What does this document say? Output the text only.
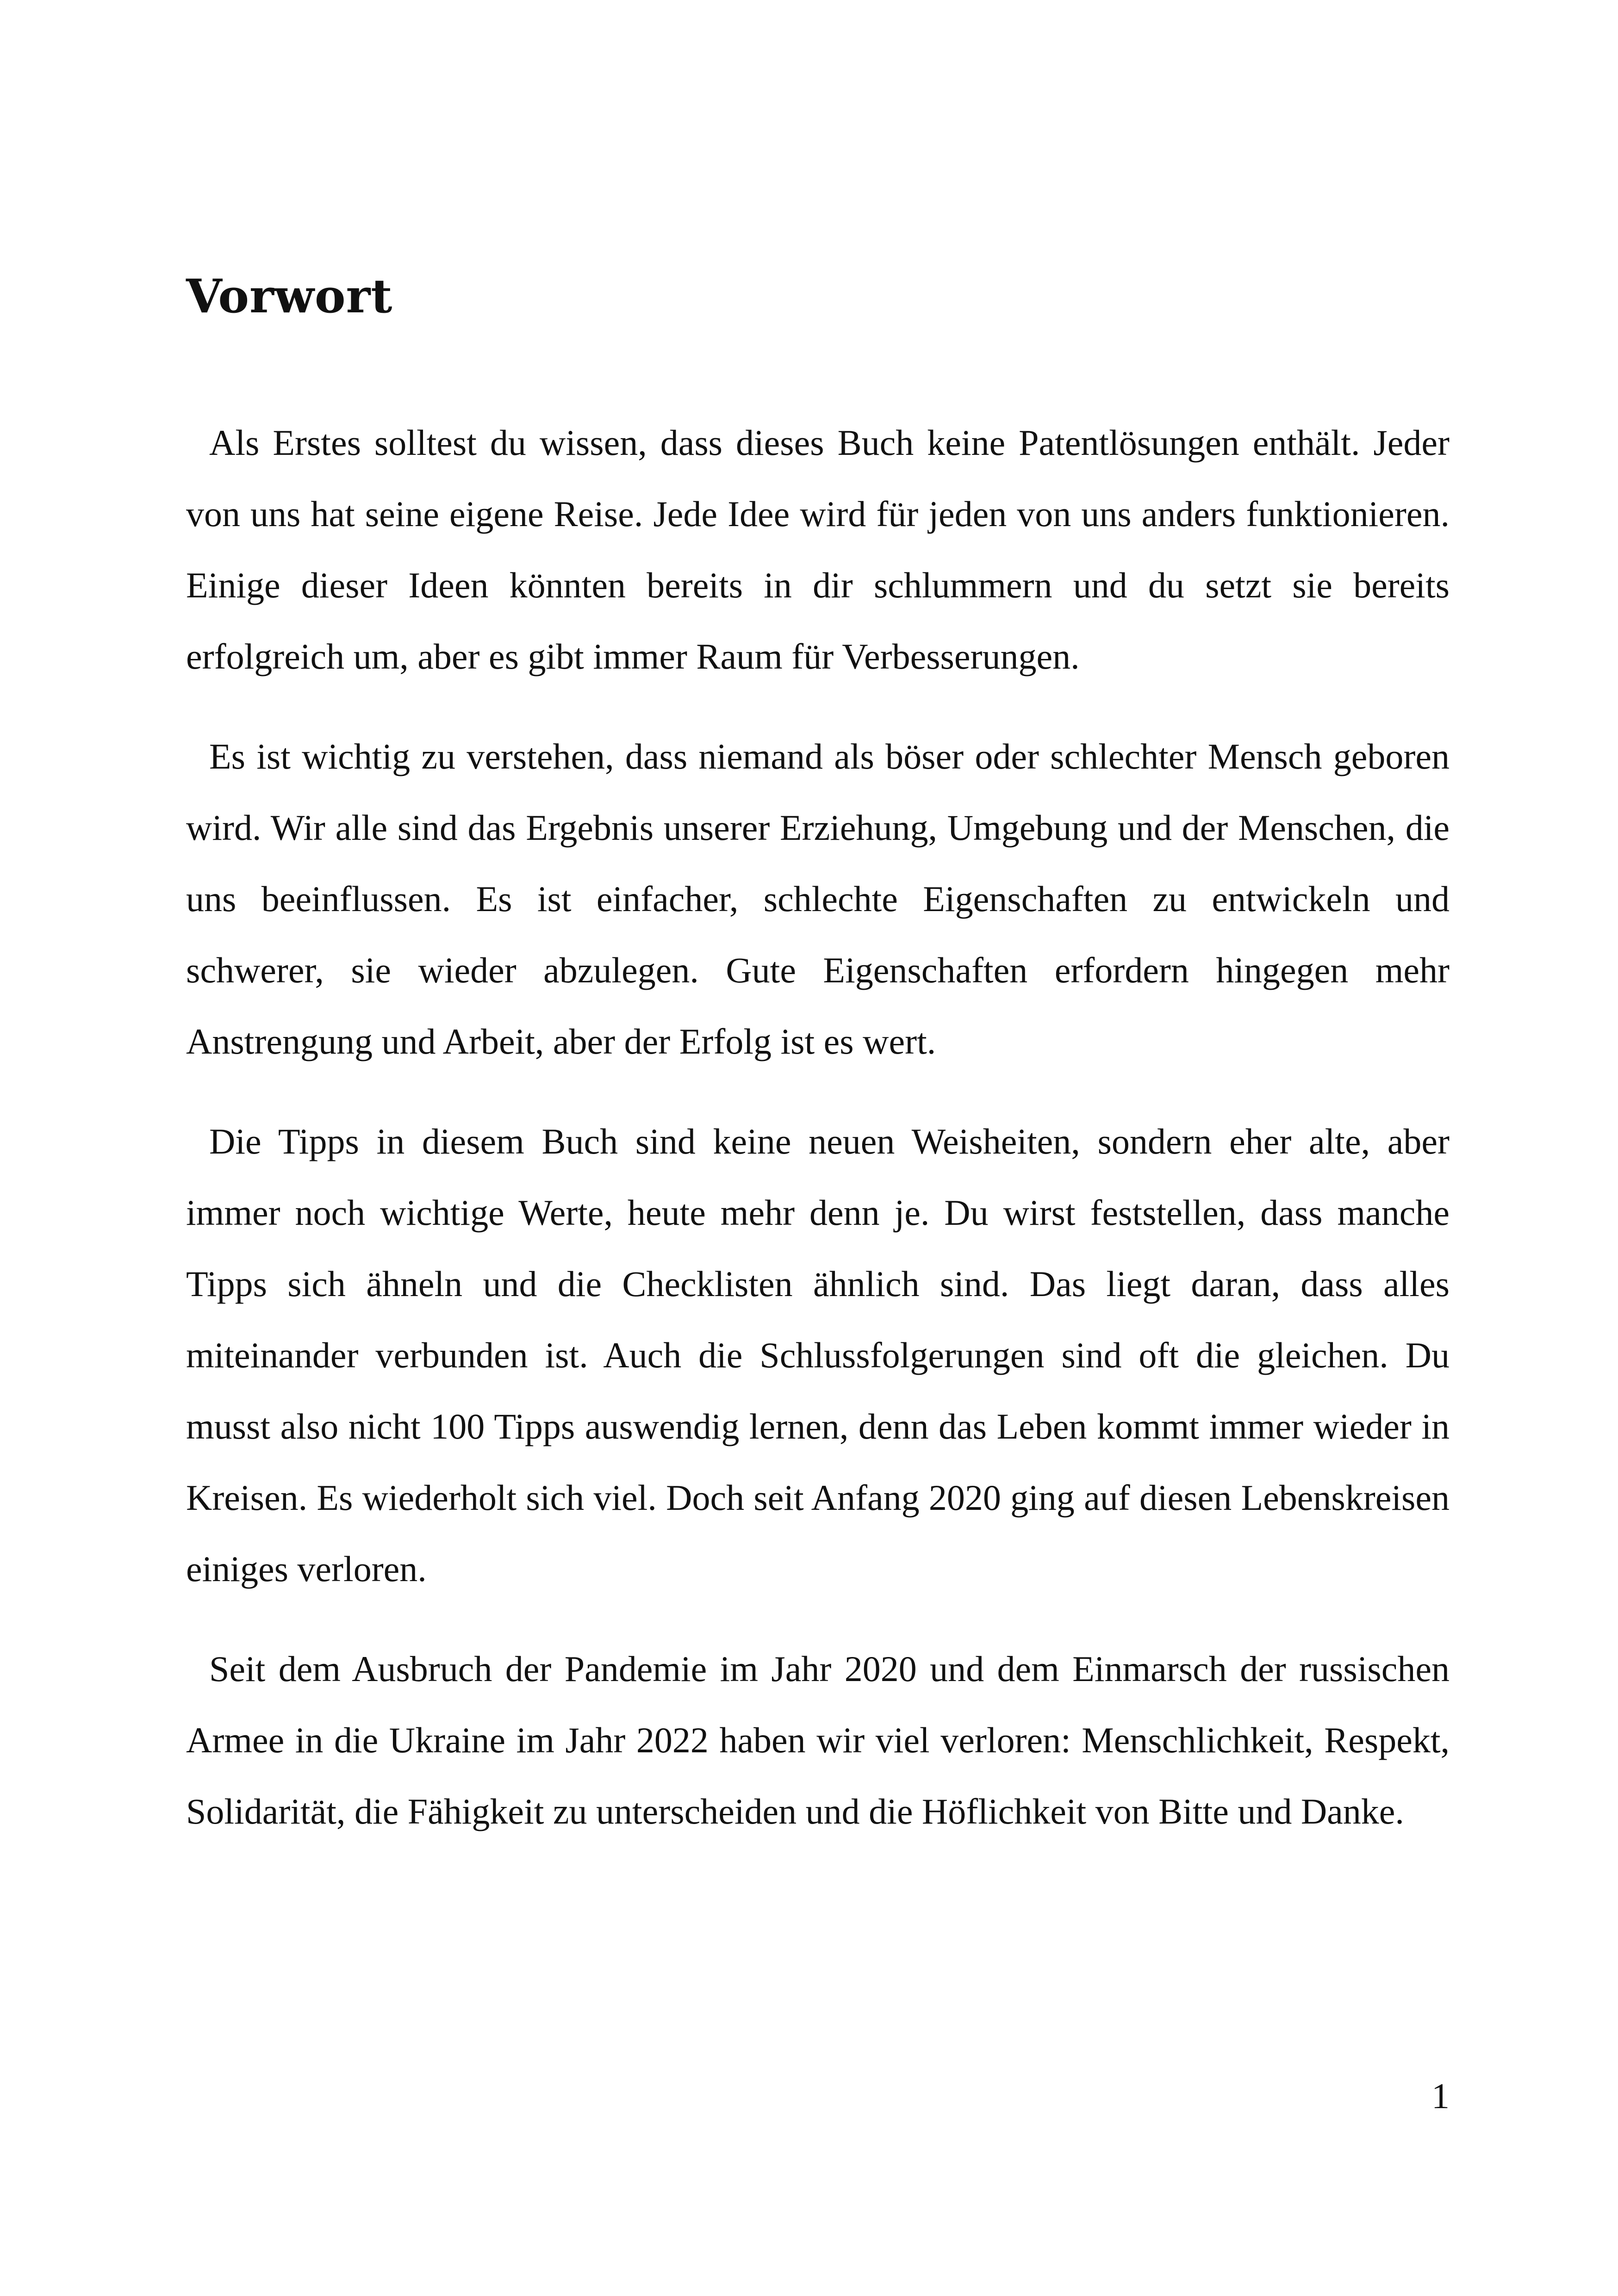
Vorwort

Als Erstes solltest du wissen, dass dieses Buch keine Patentlösungen enthält. Jeder von uns hat seine eigene Reise. Jede Idee wird für jeden von uns anders funktionieren. Einige dieser Ideen könnten bereits in dir schlummern und du setzt sie bereits erfolgreich um, aber es gibt immer Raum für Verbesserungen.

Es ist wichtig zu verstehen, dass niemand als böser oder schlechter Mensch geboren wird. Wir alle sind das Ergebnis unserer Erziehung, Umgebung und der Menschen, die uns beeinflussen. Es ist einfacher, schlechte Eigenschaften zu entwickeln und schwerer, sie wieder abzulegen. Gute Eigenschaften erfordern hingegen mehr Anstrengung und Arbeit, aber der Erfolg ist es wert.

Die Tipps in diesem Buch sind keine neuen Weisheiten, sondern eher alte, aber immer noch wichtige Werte, heute mehr denn je. Du wirst feststellen, dass manche Tipps sich ähneln und die Checklisten ähnlich sind. Das liegt daran, dass alles miteinander verbunden ist. Auch die Schlussfolgerungen sind oft die gleichen. Du musst also nicht 100 Tipps auswendig lernen, denn das Leben kommt immer wieder in Kreisen. Es wiederholt sich viel. Doch seit Anfang 2020 ging auf diesen Lebenskreisen einiges verloren.

Seit dem Ausbruch der Pandemie im Jahr 2020 und dem Einmarsch der russischen Armee in die Ukraine im Jahr 2022 haben wir viel verloren: Menschlichkeit, Respekt, Solidarität, die Fähigkeit zu unterscheiden und die Höflichkeit von Bitte und Danke.

1
